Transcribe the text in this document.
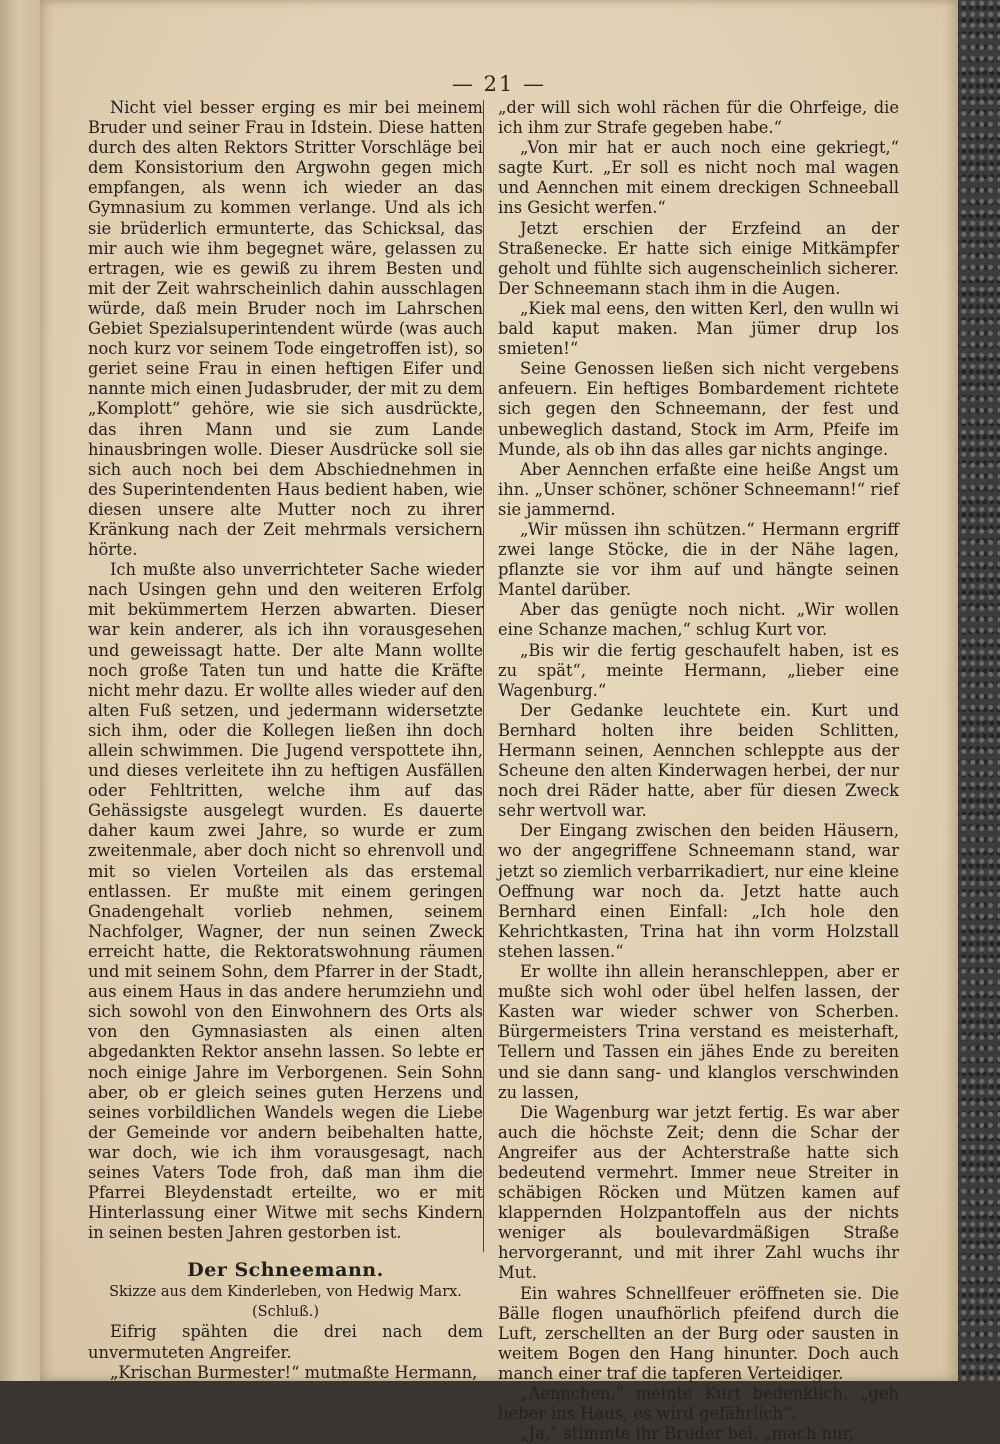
— 21 —

Nicht viel besser erging es mir bei meinem Bruder und seiner Frau in Idstein. Diese hatten durch des alten Rektors Stritter Vorschläge bei dem Konsistorium den Argwohn gegen mich empfangen, als wenn ich wieder an das Gymnasium zu kommen verlange. Und als ich sie brüderlich ermunterte, das Schicksal, das mir auch wie ihm begegnet wäre, gelassen zu ertragen, wie es gewiß zu ihrem Besten und mit der Zeit wahrscheinlich dahin ausschlagen würde, daß mein Bruder noch im Lahrschen Gebiet Spezialsuperintendent würde (was auch noch kurz vor seinem Tode eingetroffen ist), so geriet seine Frau in einen heftigen Eifer und nannte mich einen Judasbruder, der mit zu dem „Komplott“ gehöre, wie sie sich ausdrückte, das ihren Mann und sie zum Lande hinausbringen wolle. Dieser Ausdrücke soll sie sich auch noch bei dem Abschiednehmen in des Superintendenten Haus bedient haben, wie diesen unsere alte Mutter noch zu ihrer Kränkung nach der Zeit mehrmals versichern hörte.

Ich mußte also unverrichteter Sache wieder nach Usingen gehn und den weiteren Erfolg mit bekümmertem Herzen abwarten. Dieser war kein anderer, als ich ihn vorausgesehen und geweissagt hatte. Der alte Mann wollte noch große Taten tun und hatte die Kräfte nicht mehr dazu. Er wollte alles wieder auf den alten Fuß setzen, und jedermann widersetzte sich ihm, oder die Kollegen ließen ihn doch allein schwimmen. Die Jugend verspottete ihn, und dieses verleitete ihn zu heftigen Ausfällen oder Fehltritten, welche ihm auf das Gehässigste ausgelegt wurden. Es dauerte daher kaum zwei Jahre, so wurde er zum zweitenmale, aber doch nicht so ehrenvoll und mit so vielen Vorteilen als das erstemal entlassen. Er mußte mit einem geringen Gnadengehalt vorlieb nehmen, seinem Nachfolger, Wagner, der nun seinen Zweck erreicht hatte, die Rektoratswohnung räumen und mit seinem Sohn, dem Pfarrer in der Stadt, aus einem Haus in das andere herumziehn und sich sowohl von den Einwohnern des Orts als von den Gymnasiasten als einen alten abgedankten Rektor ansehn lassen. So lebte er noch einige Jahre im Verborgenen. Sein Sohn aber, ob er gleich seines guten Herzens und seines vorbildlichen Wandels wegen die Liebe der Gemeinde vor andern beibehalten hatte, war doch, wie ich ihm vorausgesagt, nach seines Vaters Tode froh, daß man ihm die Pfarrei Bleydenstadt erteilte, wo er mit Hinterlassung einer Witwe mit sechs Kindern in seinen besten Jahren gestorben ist.

Der Schneemann.
Skizze aus dem Kinderleben, von Hedwig Marx.
(Schluß.)

Eifrig spähten die drei nach dem unvermuteten Angreifer.

„Krischan Burmester!“ mutmaßte Hermann,

„der will sich wohl rächen für die Ohrfeige, die ich ihm zur Strafe gegeben habe.“

„Von mir hat er auch noch eine gekriegt,“ sagte Kurt. „Er soll es nicht noch mal wagen und Aennchen mit einem dreckigen Schneeball ins Gesicht werfen.“

Jetzt erschien der Erzfeind an der Straßenecke. Er hatte sich einige Mitkämpfer geholt und fühlte sich augenscheinlich sicherer. Der Schneemann stach ihm in die Augen.

„Kiek mal eens, den witten Kerl, den wulln wi bald kaput maken. Man jümer drup los smieten!“

Seine Genossen ließen sich nicht vergebens anfeuern. Ein heftiges Bombardement richtete sich gegen den Schneemann, der fest und unbeweglich dastand, Stock im Arm, Pfeife im Munde, als ob ihn das alles gar nichts anginge.

Aber Aennchen erfaßte eine heiße Angst um ihn. „Unser schöner, schöner Schneemann!“ rief sie jammernd.

„Wir müssen ihn schützen.“ Hermann ergriff zwei lange Stöcke, die in der Nähe lagen, pflanzte sie vor ihm auf und hängte seinen Mantel darüber.

Aber das genügte noch nicht. „Wir wollen eine Schanze machen,“ schlug Kurt vor.

„Bis wir die fertig geschaufelt haben, ist es zu spät“, meinte Hermann, „lieber eine Wagenburg.“

Der Gedanke leuchtete ein. Kurt und Bernhard holten ihre beiden Schlitten, Hermann seinen, Aennchen schleppte aus der Scheune den alten Kinderwagen herbei, der nur noch drei Räder hatte, aber für diesen Zweck sehr wertvoll war.

Der Eingang zwischen den beiden Häusern, wo der angegriffene Schneemann stand, war jetzt so ziemlich verbarrikadiert, nur eine kleine Oeffnung war noch da. Jetzt hatte auch Bernhard einen Einfall: „Ich hole den Kehrichtkasten, Trina hat ihn vorm Holzstall stehen lassen.“

Er wollte ihn allein heranschleppen, aber er mußte sich wohl oder übel helfen lassen, der Kasten war wieder schwer von Scherben. Bürgermeisters Trina verstand es meisterhaft, Tellern und Tassen ein jähes Ende zu bereiten und sie dann sang- und klanglos verschwinden zu lassen,

Die Wagenburg war jetzt fertig. Es war aber auch die höchste Zeit; denn die Schar der Angreifer aus der Achterstraße hatte sich bedeutend vermehrt. Immer neue Streiter in schäbigen Röcken und Mützen kamen auf klappernden Holzpantoffeln aus der nichts weniger als boulevardmäßigen Straße hervorgerannt, und mit ihrer Zahl wuchs ihr Mut.

Ein wahres Schnellfeuer eröffneten sie. Die Bälle flogen unaufhörlich pfeifend durch die Luft, zerschellten an der Burg oder sausten in weitem Bogen den Hang hinunter. Doch auch manch einer traf die tapferen Verteidiger.

„Aennchen,“ meinte Kurt bedenklich, „geh lieber ins Haus, es wird gefährlich“.

„Ja,“ stimmte ihr Bruder bei, „mach nur,
